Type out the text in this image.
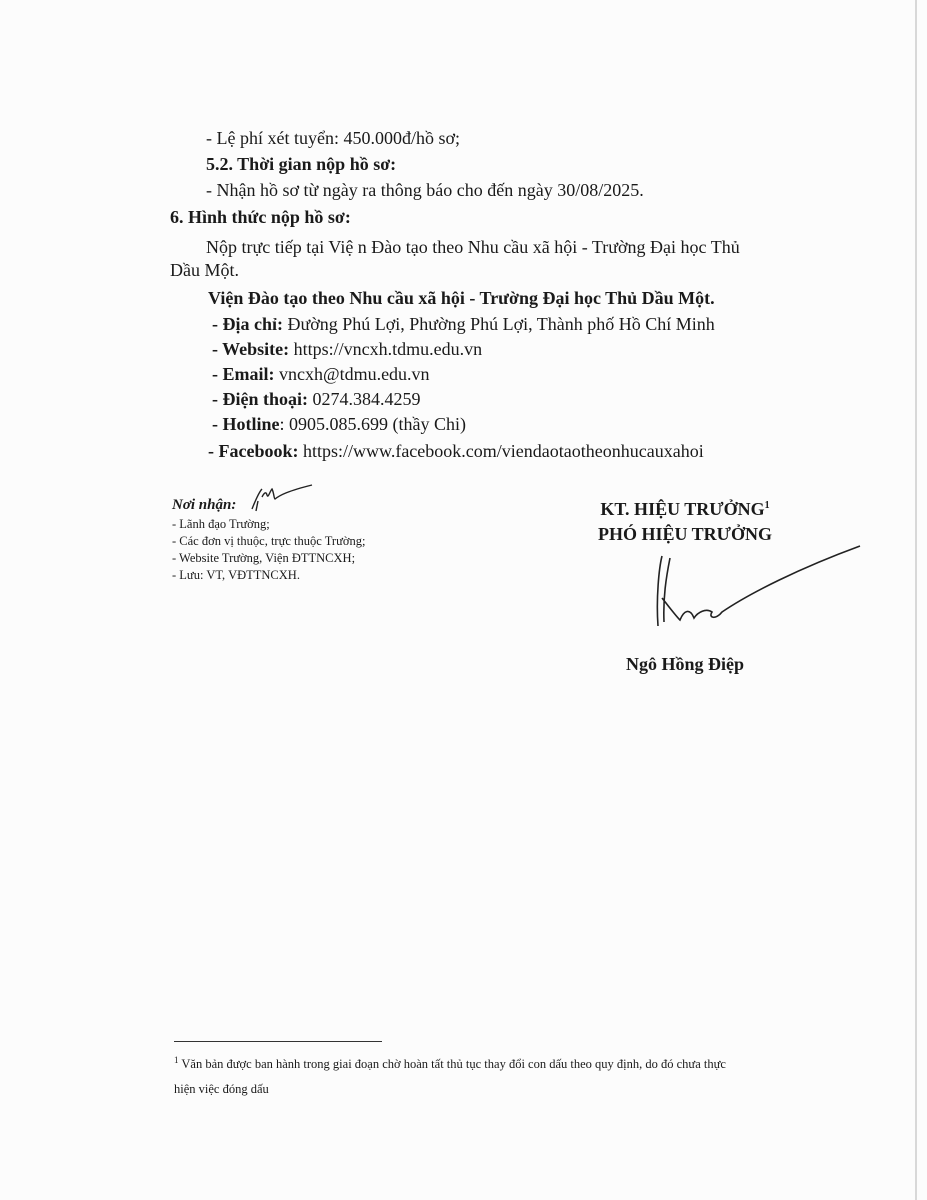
- Lệ phí xét tuyển: 450.000đ/hồ sơ;
5.2. Thời gian nộp hồ sơ:
- Nhận hồ sơ từ ngày ra thông báo cho đến ngày 30/08/2025.
6. Hình thức nộp hồ sơ:
Nộp trực tiếp tại Việ n Đào tạo theo Nhu cầu xã hội - Trường Đại học Thủ
Dầu Một.
Viện Đào tạo theo Nhu cầu xã hội - Trường Đại học Thủ Dầu Một.
- Địa chỉ: Đường Phú Lợi, Phường Phú Lợi, Thành phố Hồ Chí Minh
- Website: https://vncxh.tdmu.edu.vn
- Email: vncxh@tdmu.edu.vn
- Điện thoại: 0274.384.4259
- Hotline: 0905.085.699 (thầy Chi)
- Facebook: https://www.facebook.com/viendaotaotheonhucauxahoi
Nơi nhận:
- Lãnh đạo Trường;
- Các đơn vị thuộc, trực thuộc Trường;
- Website Trường, Viện ĐTTNCXH;
- Lưu: VT, VĐTTNCXH.
KT. HIỆU TRƯỞNG$^1$
PHÓ HIỆU TRƯỞNG
Ngô Hồng Điệp
$^1$ Văn bản được ban hành trong giai đoạn chờ hoàn tất thủ tục thay đổi con dấu theo quy định, do đó chưa thực
hiện việc đóng dấu
